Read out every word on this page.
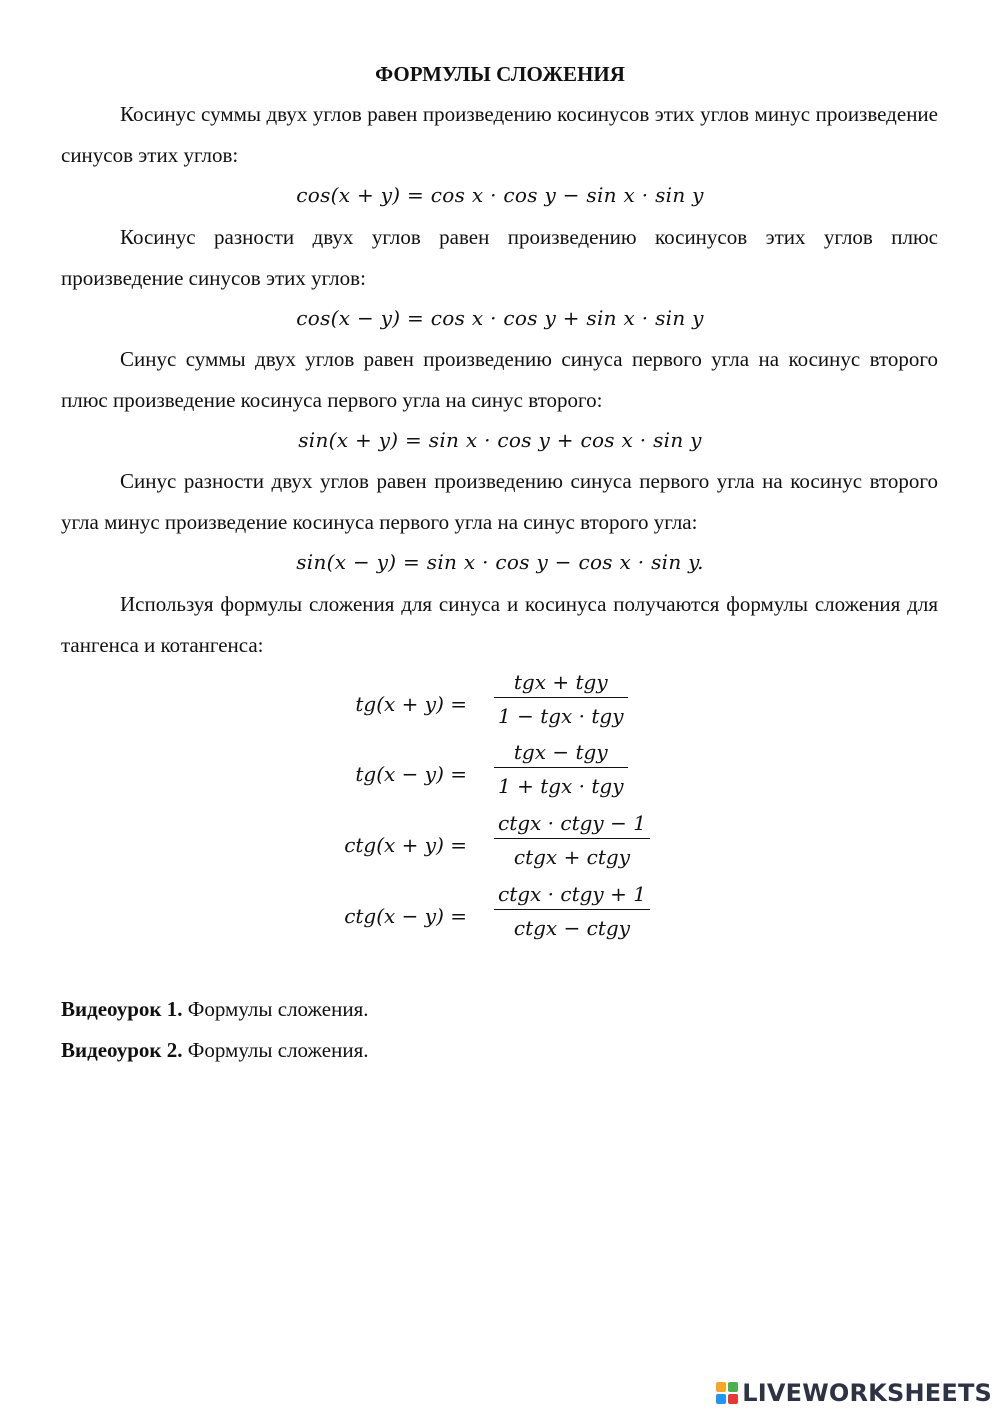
ФОРМУЛЫ СЛОЖЕНИЯ

Косинус суммы двух углов равен произведению косинусов этих углов минус произведение синусов этих углов:

cos(x + y) = cos x · cos y − sin x · sin y

Косинус разности двух углов равен произведению косинусов этих углов плюс произведение синусов этих углов:

cos(x − y) = cos x · cos y + sin x · sin y

Синус суммы двух углов равен произведению синуса первого угла на косинус второго плюс произведение косинуса первого угла на синус второго:

sin(x + y) = sin x · cos y + cos x · sin y

Синус разности двух углов равен произведению синуса первого угла на косинус второго угла минус произведение косинуса первого угла на синус второго угла:

sin(x − y) = sin x · cos y − cos x · sin y.

Используя формулы сложения для синуса и косинуса получаются формулы сложения для тангенса и котангенса:

tg(x + y) =
tgx + tgy
1 − tgx · tgy
tg(x − y) =
tgx − tgy
1 + tgx · tgy
ctg(x + y) =
ctgx · ctgy − 1
ctgx + ctgy
ctg(x − y) =
ctgx · ctgy + 1
ctgx − ctgy
Видеоурок 1. Формулы сложения.
Видеоурок 2. Формулы сложения.
LIVEWORKSHEETS
